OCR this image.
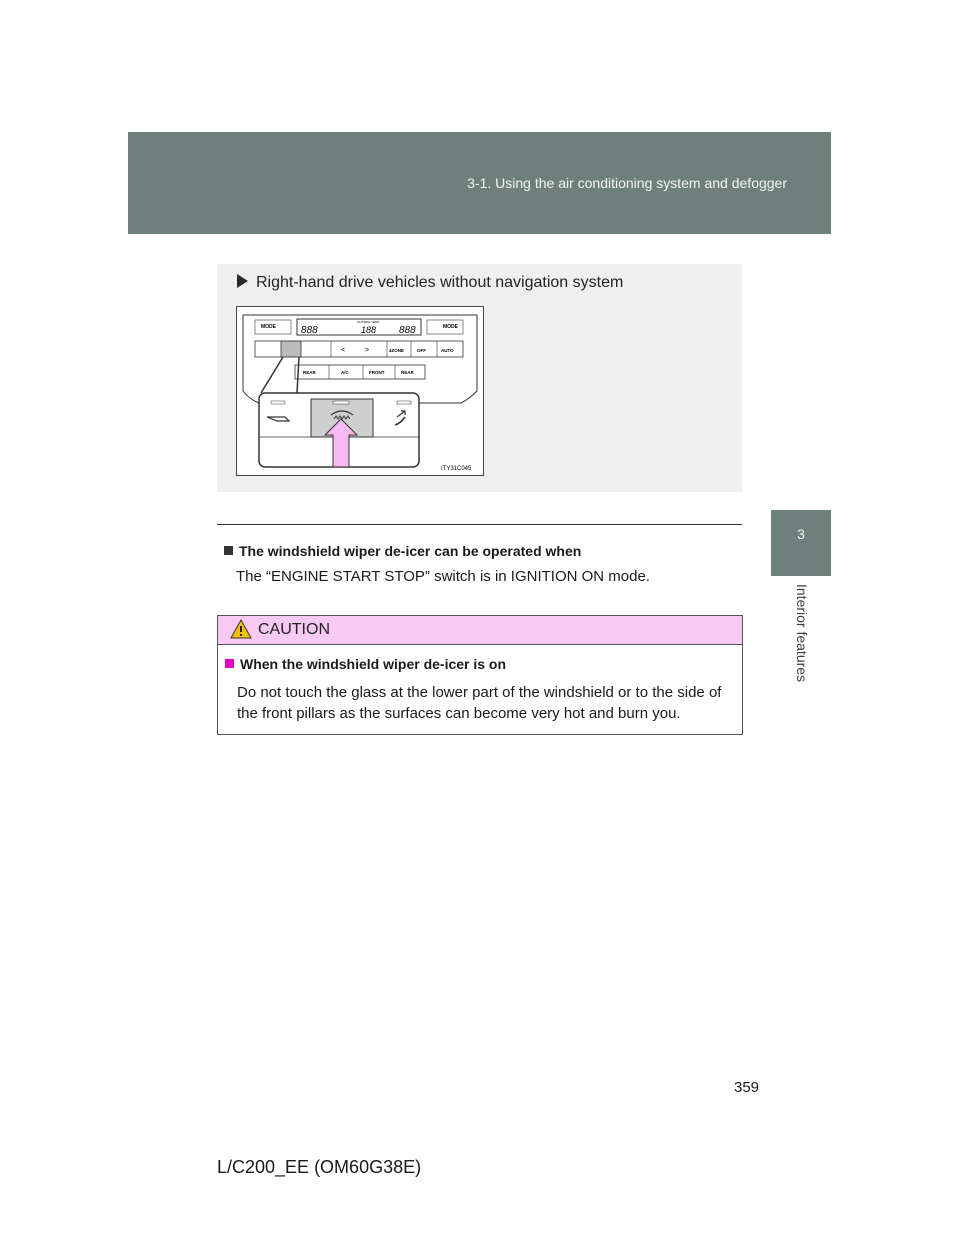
3-1. Using the air conditioning system and defogger
3
Interior features
Right-hand drive vehicles without navigation system
MODE	MODE
888	188 888
OUTSIDE TEMP
<	>	4ZONE	OFF	AUTO
REAR	A/C	FRONT	REAR
ITY31C045
The windshield wiper de-icer can be operated when
The “ENGINE START STOP” switch is in IGNITION ON mode.
CAUTION
When the windshield wiper de-icer is on
Do not touch the glass at the lower part of the windshield or to the side of the front pillars as the surfaces can become very hot and burn you.
359
L/C200_EE (OM60G38E)
